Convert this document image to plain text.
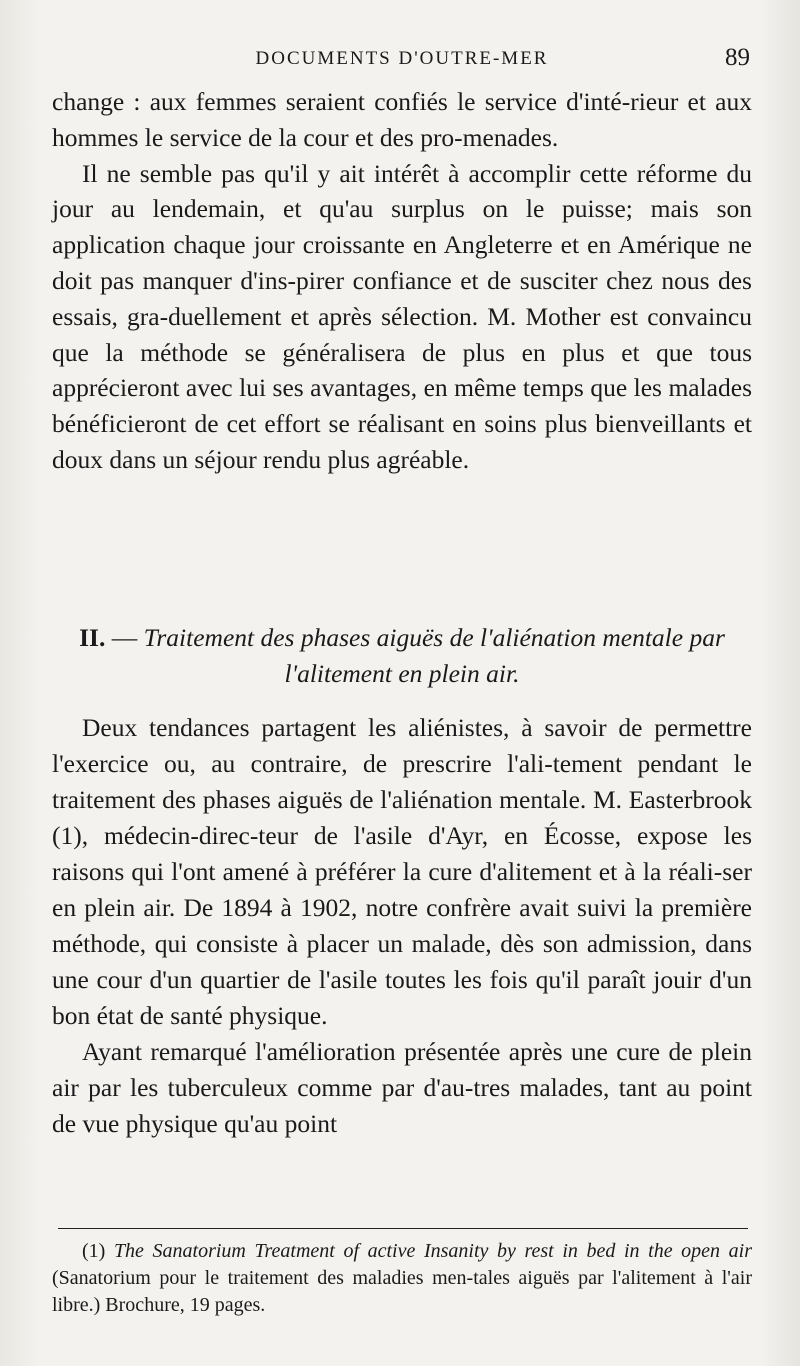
DOCUMENTS D'OUTRE-MER	89

change : aux femmes seraient confiés le service d'inté-rieur et aux hommes le service de la cour et des pro-menades.

Il ne semble pas qu'il y ait intérêt à accomplir cette réforme du jour au lendemain, et qu'au surplus on le puisse; mais son application chaque jour croissante en Angleterre et en Amérique ne doit pas manquer d'ins-pirer confiance et de susciter chez nous des essais, gra-duellement et après sélection. M. Mother est convaincu que la méthode se généralisera de plus en plus et que tous apprécieront avec lui ses avantages, en même temps que les malades bénéficieront de cet effort se réalisant en soins plus bienveillants et doux dans un séjour rendu plus agréable.

II. — Traitement des phases aiguës de l'aliénation mentale par l'alitement en plein air.

Deux tendances partagent les aliénistes, à savoir de permettre l'exercice ou, au contraire, de prescrire l'ali-tement pendant le traitement des phases aiguës de l'aliénation mentale. M. Easterbrook (1), médecin-direc-teur de l'asile d'Ayr, en Écosse, expose les raisons qui l'ont amené à préférer la cure d'alitement et à la réali-ser en plein air. De 1894 à 1902, notre confrère avait suivi la première méthode, qui consiste à placer un malade, dès son admission, dans une cour d'un quartier de l'asile toutes les fois qu'il paraît jouir d'un bon état de santé physique.

Ayant remarqué l'amélioration présentée après une cure de plein air par les tuberculeux comme par d'au-tres malades, tant au point de vue physique qu'au point

(1) The Sanatorium Treatment of active Insanity by rest in bed in the open air (Sanatorium pour le traitement des maladies men-tales aiguës par l'alitement à l'air libre.) Brochure, 19 pages.
